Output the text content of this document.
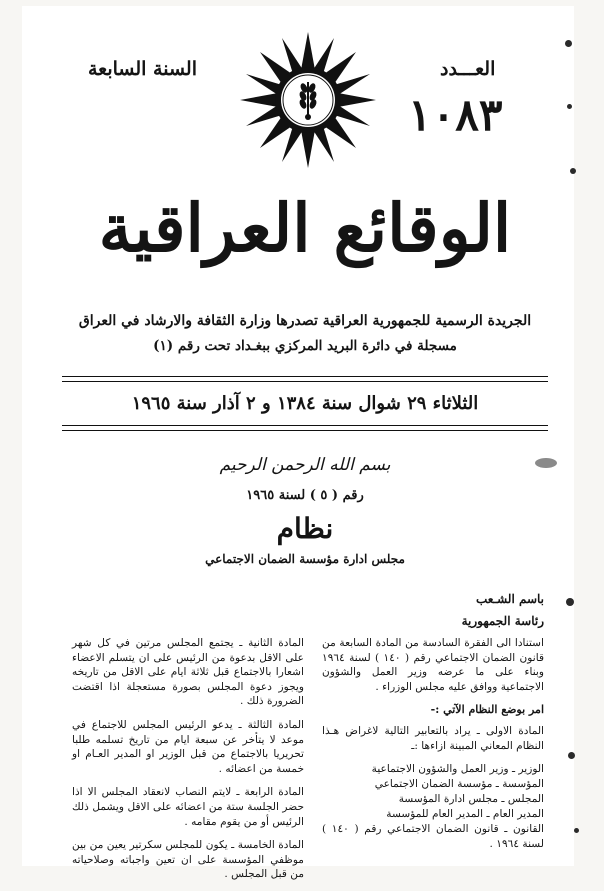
السنة السابعة	العـــدد
١٠٨٣
الوقائع العراقية
الجريدة الرسمية للجمهورية العراقية تصدرها وزارة الثقافة والارشاد في العراق
مسجلة في دائرة البريد المركزي ببغـداد تحت رقم (١)
الثلاثاء ٢٩ شوال سنة ١٣٨٤ و ٢ آذار سنة ١٩٦٥
بسم الله الرحمن الرحيم
رقم ( ٥ ) لسنة ١٩٦٥
نظام
مجلس ادارة مؤسسة الضمان الاجتماعي
باسم الشـعب
رئاسة الجمهورية

استنادا الى الفقرة السادسة من المادة السابعة من قانون الضمان الاجتماعي رقم ( ١٤٠ ) لسنة ١٩٦٤ وبناء على ما عرضه وزير العمل والشؤون الاجتماعية ووافق عليه مجلس الوزراء .

امر بوضع النظام الآتي :-

المادة الاولى ـ يراد بالتعابير التالية لاغراض هـذا النظام المعاني المبينة ازاءها :ـ

الوزير ـ وزير العمل والشؤون الاجتماعية
المؤسسة ـ مؤسسة الضمان الاجتماعي
المجلس ـ مجلس ادارة المؤسسة
المدير العام ـ المدير العام للمؤسسة
القانون ـ قانون الضمان الاجتماعي رقم ( ١٤٠ ) لسنة ١٩٦٤ .

المادة الثانية ـ يجتمع المجلس مرتين في كل شهر على الاقل بدعوة من الرئيس على ان يتسلم الاعضاء اشعارا بالاجتماع قبل ثلاثة ايام على الاقل من تاريخه ويجوز دعوة المجلس بصورة مستعجلة اذا اقتضت الضرورة ذلك .

المادة الثالثة ـ يدعو الرئيس المجلس للاجتماع في موعد لا يتأخر عن سبعة ايام من تاريخ تسلمه طلبا تحريريا بالاجتماع من قبل الوزير او المدير العـام او خمسة من اعضائه .

المادة الرابعة ـ لايتم النصاب لانعقاد المجلس الا اذا حضر الجلسة ستة من اعضائه على الاقل ويشمل ذلك الرئيس أو من يقوم مقامه .

المادة الخامسة ـ يكون للمجلس سكرتير يعين من بين موظفي المؤسسة على ان تعين واجباته وصلاحياته من قبل المجلس .
